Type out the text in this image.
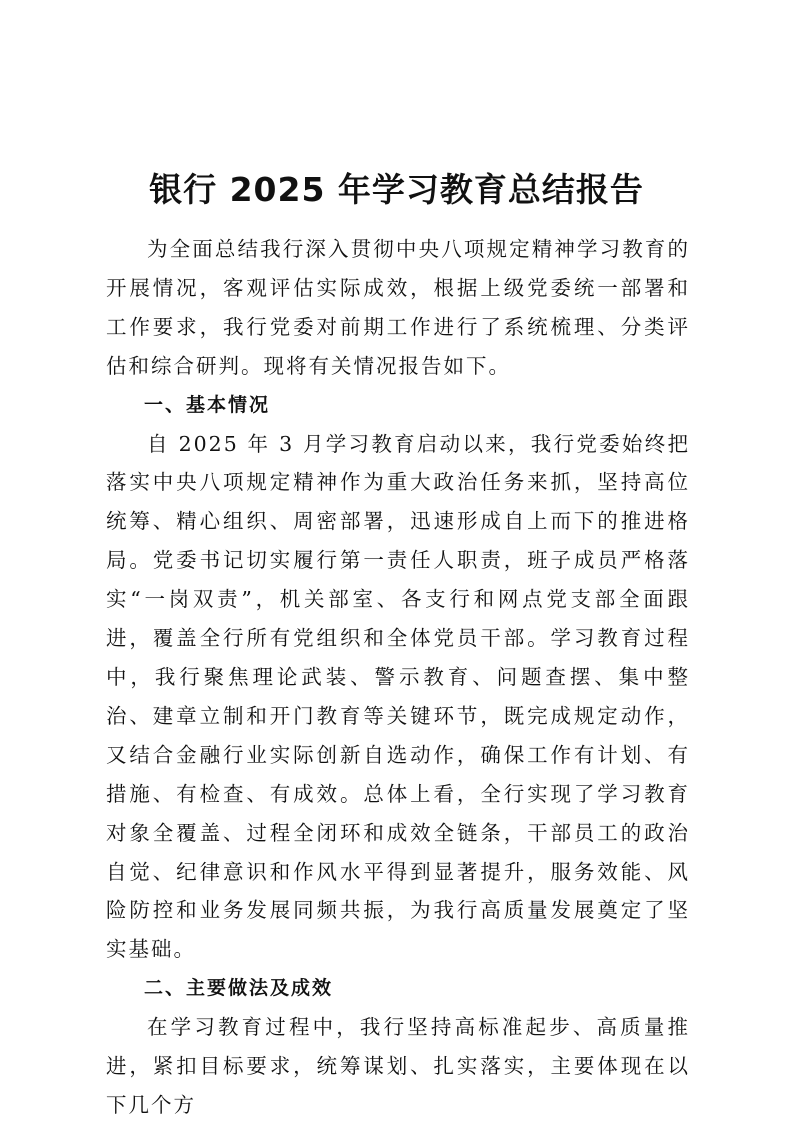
银行 2025 年学习教育总结报告

为全面总结我行深入贯彻中央八项规定精神学习教育的开展情况，客观评估实际成效，根据上级党委统一部署和工作要求，我行党委对前期工作进行了系统梳理、分类评估和综合研判。现将有关情况报告如下。

一、基本情况

自 2025 年 3 月学习教育启动以来，我行党委始终把落实中央八项规定精神作为重大政治任务来抓，坚持高位统筹、精心组织、周密部署，迅速形成自上而下的推进格局。党委书记切实履行第一责任人职责，班子成员严格落实“一岗双责”，机关部室、各支行和网点党支部全面跟进，覆盖全行所有党组织和全体党员干部。学习教育过程中，我行聚焦理论武装、警示教育、问题查摆、集中整治、建章立制和开门教育等关键环节，既完成规定动作，又结合金融行业实际创新自选动作，确保工作有计划、有措施、有检查、有成效。总体上看，全行实现了学习教育对象全覆盖、过程全闭环和成效全链条，干部员工的政治自觉、纪律意识和作风水平得到显著提升，服务效能、风险防控和业务发展同频共振，为我行高质量发展奠定了坚实基础。

二、主要做法及成效

在学习教育过程中，我行坚持高标准起步、高质量推进，紧扣目标要求，统筹谋划、扎实落实，主要体现在以下几个方
